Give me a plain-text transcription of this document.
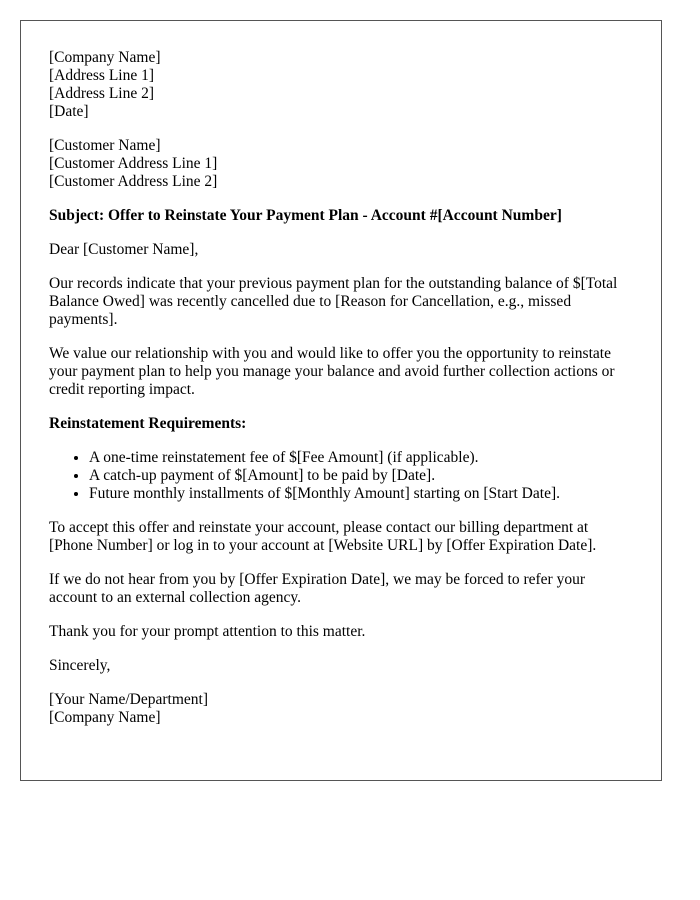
[Company Name]
[Address Line 1]
[Address Line 2]
[Date]
[Customer Name]
[Customer Address Line 1]
[Customer Address Line 2]

Subject: Offer to Reinstate Your Payment Plan - Account #[Account Number]

Dear [Customer Name],

Our records indicate that your previous payment plan for the outstanding balance of $[Total Balance Owed] was recently cancelled due to [Reason for Cancellation, e.g., missed payments].

We value our relationship with you and would like to offer you the opportunity to reinstate your payment plan to help you manage your balance and avoid further collection actions or credit reporting impact.

Reinstatement Requirements:

• A one-time reinstatement fee of $[Fee Amount] (if applicable).
• A catch-up payment of $[Amount] to be paid by [Date].
• Future monthly installments of $[Monthly Amount] starting on [Start Date].

To accept this offer and reinstate your account, please contact our billing department at [Phone Number] or log in to your account at [Website URL] by [Offer Expiration Date].

If we do not hear from you by [Offer Expiration Date], we may be forced to refer your account to an external collection agency.

Thank you for your prompt attention to this matter.

Sincerely,

[Your Name/Department]
[Company Name]
